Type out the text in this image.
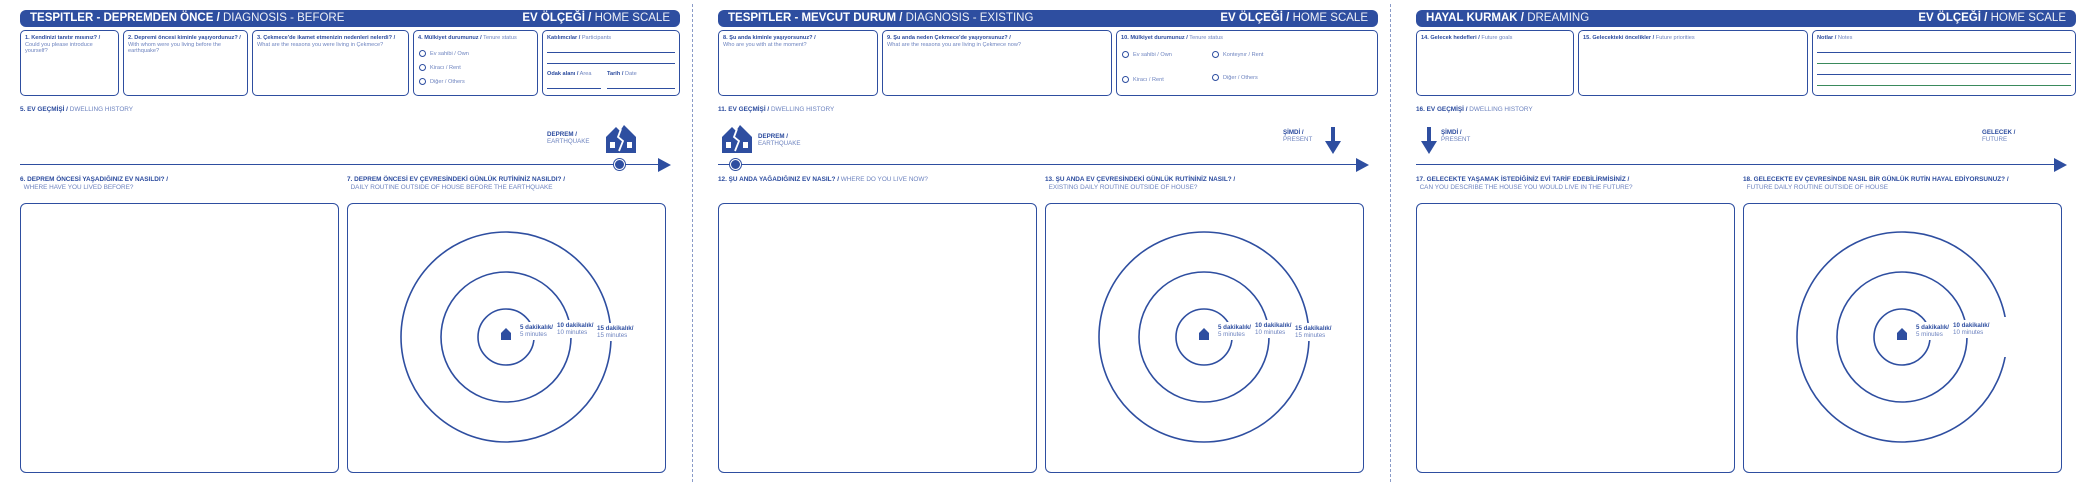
TESPITLER - DEPREMDEN ÖNCE / DIAGNOSIS - BEFORE	EV ÖLÇEĞİ / HOME SCALE
1. Kendinizi tanıtır mısınız? /
Could you please introduce yourself?
2. Depremi öncesi kiminle yaşıyordunuz? / With whom were you living before the earthquake?
3. Çekmece'de ikamet etmenizin nedenleri nelerdi? / What are the reasons you were living in Çekmece?
4. Mülkiyet durumunuz / Tenure status
Ev sahibi / Own
Kiracı / Rent
Diğer / Others
Katılımcılar / Participants
Odak alanı / Area	Tarih / Date
5. EV GEÇMİŞİ / DWELLING HISTORY
DEPREM /
EARTHQUAKE
6. DEPREM ÖNCESİ YAŞADIĞINIZ EV NASILDI? /
WHERE HAVE YOU LIVED BEFORE?
7. DEPREM ÖNCESİ EV ÇEVRESİNDEKİ GÜNLÜK RUTİNİNİZ NASILDI? /
DAILY ROUTINE OUTSIDE OF HOUSE BEFORE THE EARTHQUAKE
5 dakikalık/
5 minutes
10 dakikalık/
10 minutes
15 dakikalık/
15 minutes
TESPITLER - MEVCUT DURUM / DIAGNOSIS - EXISTING	EV ÖLÇEĞİ / HOME SCALE
8. Şu anda kiminle yaşıyorsunuz? /
Who are you with at the moment?
9. Şu anda neden Çekmece'de yaşıyorsunuz? /
What are the reasons you are living in Çekmece now?
10. Mülkiyet durumunuz / Tenure status
Ev sahibi / Own	Konteynır / Rent
Kiracı / Rent	Diğer / Others
11. EV GEÇMİŞİ / DWELLING HISTORY
DEPREM /
EARTHQUAKE
ŞİMDİ /
PRESENT
12. ŞU ANDA YAĞADIĞINIZ EV NASIL? / WHERE DO YOU LIVE NOW?	13. ŞU ANDA EV ÇEVRESİNDEKİ GÜNLÜK RUTİNİNİZ NASIL? /
EXISTING DAILY ROUTINE OUTSIDE OF HOUSE?
5 dakikalık/
5 minutes
10 dakikalık/
10 minutes
15 dakikalık/
15 minutes
HAYAL KURMAK / DREAMING	EV ÖLÇEĞİ / HOME SCALE
14. Gelecek hedefleri / Future goals	15. Gelecekteki öncelikler / Future priorities	Notlar / Notes
16. EV GEÇMİŞİ / DWELLING HISTORY
ŞİMDİ /
PRESENT
GELECEK /
FUTURE
17. GELECEKTE YAŞAMAK İSTEDİĞİNİZ EVİ TARİF EDEBİLİRMİSİNİZ /
CAN YOU DESCRIBE THE HOUSE YOU WOULD LIVE IN THE FUTURE?
18. GELECEKTE EV ÇEVRESİNDE NASIL BİR GÜNLÜK RUTİN HAYAL EDİYORSUNUZ? /
FUTURE DAILY ROUTINE OUTSIDE OF HOUSE
5 dakikalık/
5 minutes
10 dakikalık/
10 minutes
